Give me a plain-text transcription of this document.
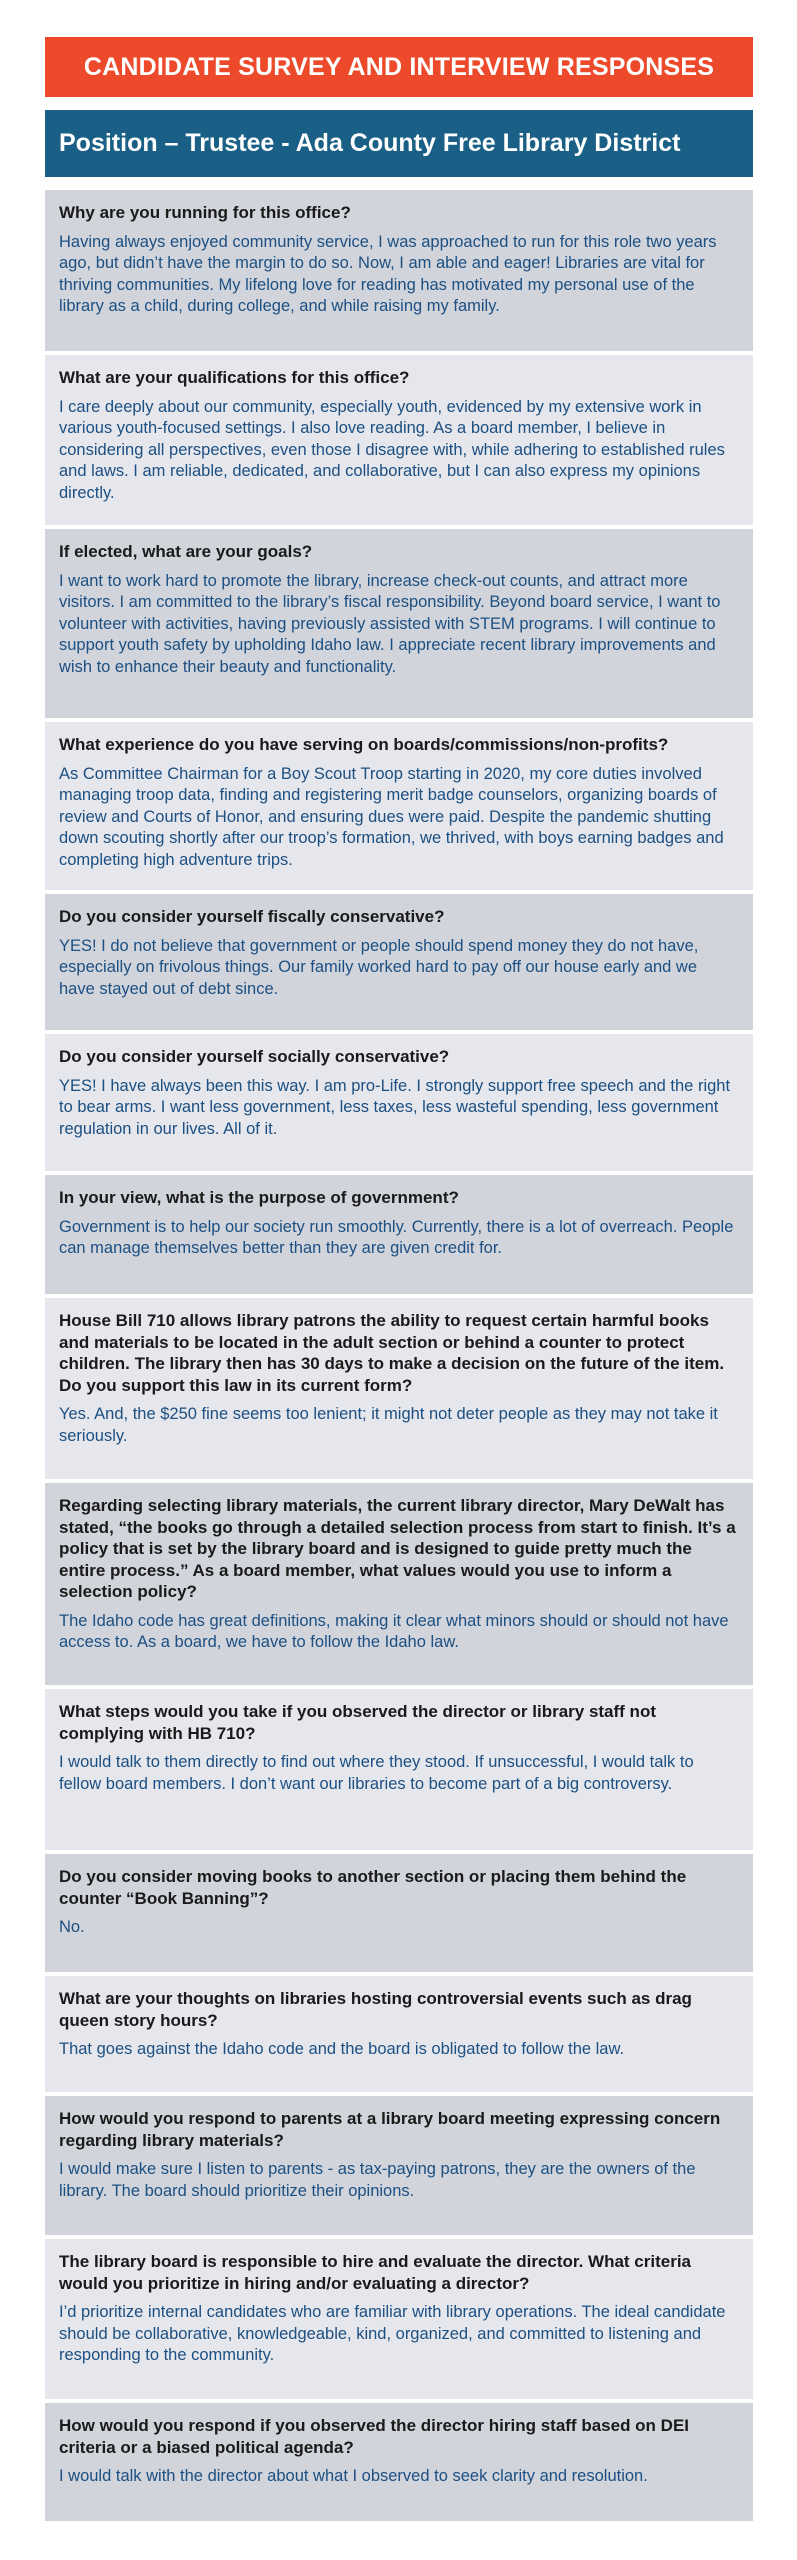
CANDIDATE SURVEY AND INTERVIEW RESPONSES
Position – Trustee - Ada County Free Library District

Why are you running for this office?

Having always enjoyed community service, I was approached to run for this role two years ago, but didn’t have the margin to do so. Now, I am able and eager! Libraries are vital for thriving communities. My lifelong love for reading has motivated my personal use of the library as a child, during college, and while raising my family.

What are your qualifications for this office?

I care deeply about our community, especially youth, evidenced by my extensive work in various youth-focused settings. I also love reading. As a board member, I believe in considering all perspectives, even those I disagree with, while adhering to established rules and laws. I am reliable, dedicated, and collaborative, but I can also express my opinions directly.

If elected, what are your goals?

I want to work hard to promote the library, increase check-out counts, and attract more visitors. I am committed to the library’s fiscal responsibility. Beyond board service, I want to volunteer with activities, having previously assisted with STEM programs. I will continue to support youth safety by upholding Idaho law. I appreciate recent library improvements and wish to enhance their beauty and functionality.

What experience do you have serving on boards/commissions/non-profits?

As Committee Chairman for a Boy Scout Troop starting in 2020, my core duties involved managing troop data, finding and registering merit badge counselors, organizing boards of review and Courts of Honor, and ensuring dues were paid. Despite the pandemic shutting down scouting shortly after our troop’s formation, we thrived, with boys earning badges and completing high adventure trips.

Do you consider yourself fiscally conservative?

YES! I do not believe that government or people should spend money they do not have, especially on frivolous things. Our family worked hard to pay off our house early and we have stayed out of debt since.

Do you consider yourself socially conservative?

YES! I have always been this way. I am pro-Life. I strongly support free speech and the right to bear arms. I want less government, less taxes, less wasteful spending, less government regulation in our lives. All of it.

In your view, what is the purpose of government?

Government is to help our society run smoothly. Currently, there is a lot of overreach. People can manage themselves better than they are given credit for.

House Bill 710 allows library patrons the ability to request certain harmful books and materials to be located in the adult section or behind a counter to protect children. The library then has 30 days to make a decision on the future of the item. Do you support this law in its current form?

Yes. And, the $250 fine seems too lenient; it might not deter people as they may not take it seriously.

Regarding selecting library materials, the current library director, Mary DeWalt has stated, “the books go through a detailed selection process from start to finish. It’s a policy that is set by the library board and is designed to guide pretty much the entire process.” As a board member, what values would you use to inform a selection policy?

The Idaho code has great definitions, making it clear what minors should or should not have access to. As a board, we have to follow the Idaho law.

What steps would you take if you observed the director or library staff not complying with HB 710?

I would talk to them directly to find out where they stood. If unsuccessful, I would talk to fellow board members. I don’t want our libraries to become part of a big controversy.

Do you consider moving books to another section or placing them behind the counter “Book Banning”?

No.

What are your thoughts on libraries hosting controversial events such as drag queen story hours?

That goes against the Idaho code and the board is obligated to follow the law.

How would you respond to parents at a library board meeting expressing concern regarding library materials?

I would make sure I listen to parents - as tax-paying patrons, they are the owners of the library. The board should prioritize their opinions.

The library board is responsible to hire and evaluate the director. What criteria would you prioritize in hiring and/or evaluating a director?

I’d prioritize internal candidates who are familiar with library operations. The ideal candidate should be collaborative, knowledgeable, kind, organized, and committed to listening and responding to the community.

How would you respond if you observed the director hiring staff based on DEI criteria or a biased political agenda?

I would talk with the director about what I observed to seek clarity and resolution.
